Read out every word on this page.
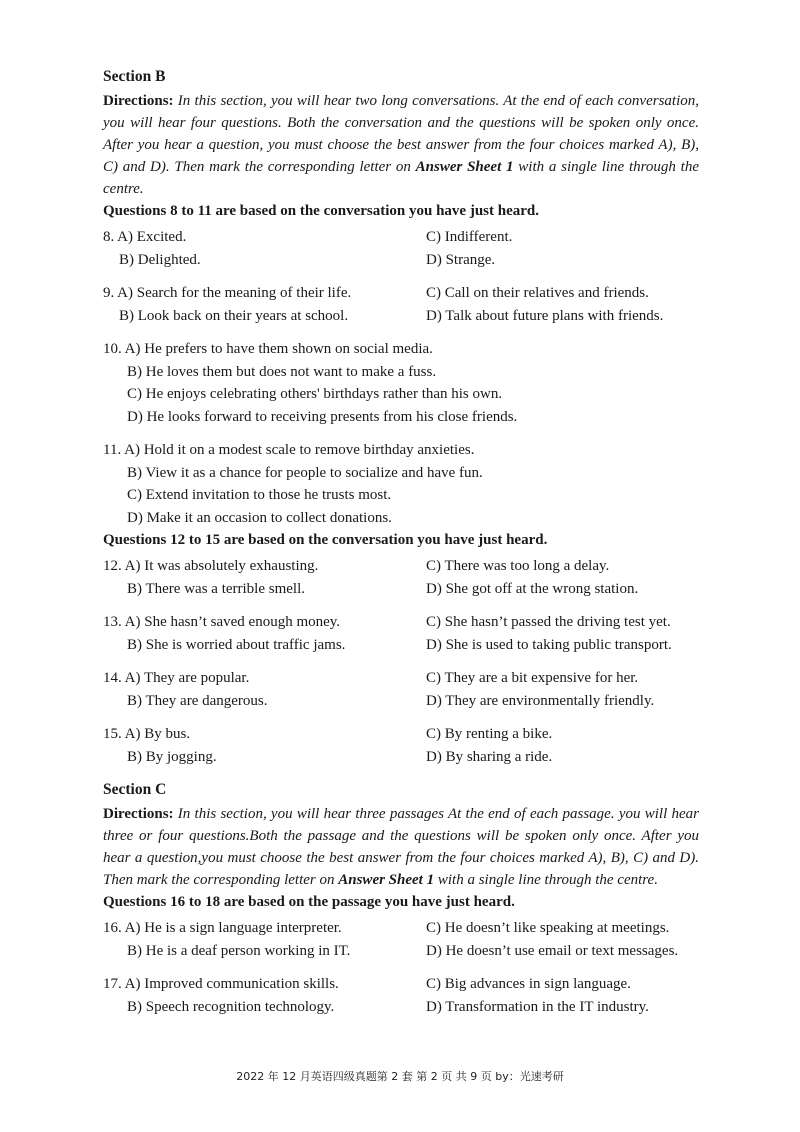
Section B

Directions: In this section, you will hear two long conversations. At the end of each conversation, you will hear four questions. Both the conversation and the questions will be spoken only once. After you hear a question, you must choose the best answer from the four choices marked A), B), C) and D). Then mark the corresponding letter on Answer Sheet 1 with a single line through the centre.

Questions 8 to 11 are based on the conversation you have just heard.

8. A) Excited.	C) Indifferent.
B) Delighted.	D) Strange.
9. A) Search for the meaning of their life.	C) Call on their relatives and friends.
B) Look back on their years at school.	D) Talk about future plans with friends.
10. A) He prefers to have them shown on social media.
B) He loves them but does not want to make a fuss.
C) He enjoys celebrating others' birthdays rather than his own.
D) He looks forward to receiving presents from his close friends.
11. A) Hold it on a modest scale to remove birthday anxieties.
B) View it as a chance for people to socialize and have fun.
C) Extend invitation to those he trusts most.
D) Make it an occasion to collect donations.

Questions 12 to 15 are based on the conversation you have just heard.

12. A) It was absolutely exhausting.	C) There was too long a delay.
B) There was a terrible smell.	D) She got off at the wrong station.
13. A) She hasn’t saved enough money.	C) She hasn’t passed the driving test yet.
B) She is worried about traffic jams.	D) She is used to taking public transport.
14. A) They are popular.	C) They are a bit expensive for her.
B) They are dangerous.	D) They are environmentally friendly.
15. A) By bus.	C) By renting a bike.
B) By jogging.	D) By sharing a ride.

Section C

Directions: In this section, you will hear three passages At the end of each passage. you will hear three or four questions.Both the passage and the questions will be spoken only once. After you hear a question,you must choose the best answer from the four choices marked A), B), C) and D). Then mark the corresponding letter on Answer Sheet 1 with a single line through the centre.

Questions 16 to 18 are based on the passage you have just heard.

16. A) He is a sign language interpreter.	C) He doesn’t like speaking at meetings.
B) He is a deaf person working in IT.	D) He doesn’t use email or text messages.
17. A) Improved communication skills.	C) Big advances in sign language.
B) Speech recognition technology.	D) Transformation in the IT industry.
2022 年 12 月英语四级真题第 2 套 第 2 页 共 9 页 by：光速考研
